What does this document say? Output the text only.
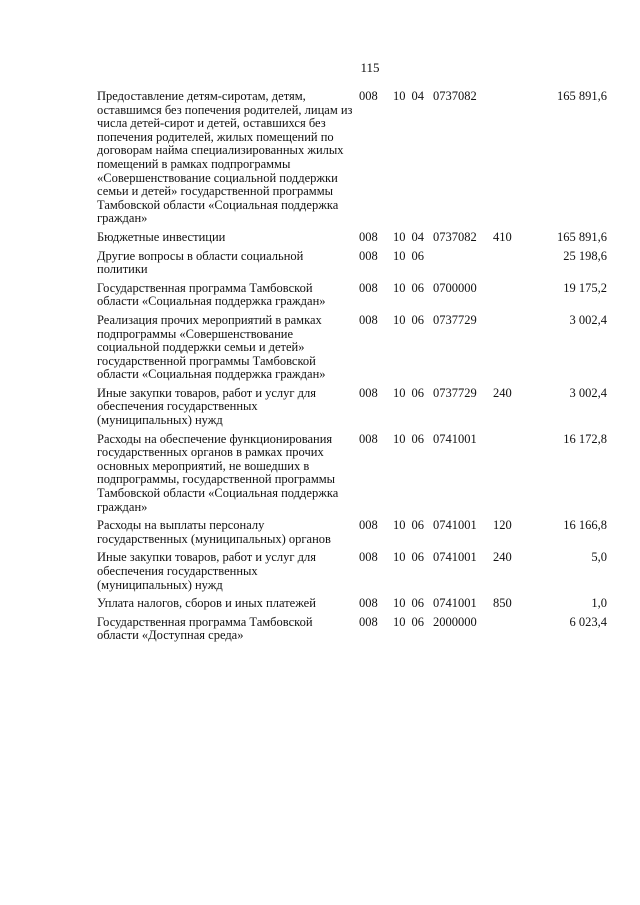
115
Предоставление детям-сиротам, детям, оставшимся без попечения родителей, лицам из числа детей-сирот и детей, оставшихся без попечения родителей, жилых помещений по договорам найма специализированных жилых помещений в рамках подпрограммы «Совершенствование социальной поддержки семьи и детей» государственной программы Тамбовской области «Социальная поддержка граждан»	008	10 04	0737082		165 891,6
Бюджетные инвестиции	008	10 04	0737082	410	165 891,6
Другие вопросы в области социальной политики	008	10 06			25 198,6
Государственная программа Тамбовской области «Социальная поддержка граждан»	008	10 06	0700000		19 175,2
Реализация прочих мероприятий в рамках подпрограммы «Совершенствование социальной поддержки семьи и детей» государственной программы Тамбовской области «Социальная поддержка граждан»	008	10 06	0737729		3 002,4
Иные закупки товаров, работ и услуг для обеспечения государственных (муниципальных) нужд	008	10 06	0737729	240	3 002,4
Расходы на обеспечение функционирования государственных органов в рамках прочих основных мероприятий, не вошедших в подпрограммы, государственной программы Тамбовской области «Социальная поддержка граждан»	008	10 06	0741001		16 172,8
Расходы на выплаты персоналу государственных (муниципальных) органов	008	10 06	0741001	120	16 166,8
Иные закупки товаров, работ и услуг для обеспечения государственных (муниципальных) нужд	008	10 06	0741001	240	5,0
Уплата налогов, сборов и иных платежей	008	10 06	0741001	850	1,0
Государственная программа Тамбовской области «Доступная среда»	008	10 06	2000000		6 023,4
